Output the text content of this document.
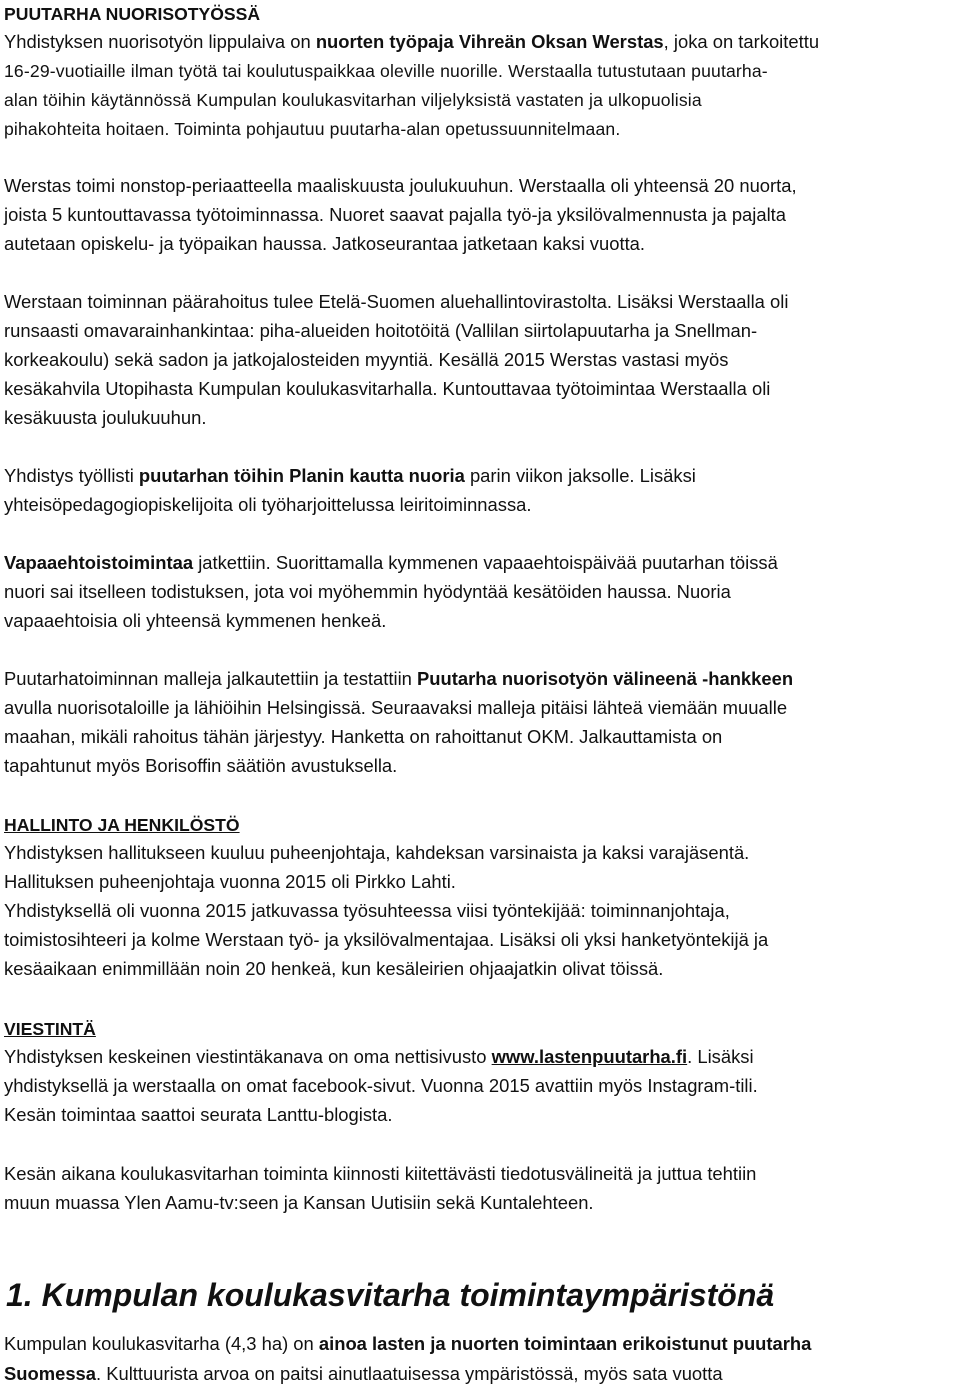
PUUTARHA NUORISOTYÖSSÄ
Yhdistyksen nuorisotyön lippulaiva on nuorten työpaja Vihreän Oksan Werstas, joka on tarkoitettu
16-29-vuotiaille ilman työtä tai koulutuspaikkaa oleville nuorille. Werstaalla tutustutaan puutarha-
alan töihin käytännössä Kumpulan koulukasvitarhan viljelyksistä vastaten ja ulkopuolisia
pihakohteita hoitaen. Toiminta pohjautuu puutarha-alan opetussuunnitelmaan.
Werstas toimi nonstop-periaatteella maaliskuusta joulukuuhun. Werstaalla oli yhteensä 20 nuorta,
joista 5 kuntouttavassa työtoiminnassa. Nuoret saavat pajalla työ-ja yksilövalmennusta ja pajalta
autetaan opiskelu- ja työpaikan haussa. Jatkoseurantaa jatketaan kaksi vuotta.
Werstaan toiminnan päärahoitus tulee Etelä-Suomen aluehallintovirastolta. Lisäksi Werstaalla oli
runsaasti omavarainhankintaa: piha-alueiden hoitotöitä (Vallilan siirtolapuutarha ja Snellman-
korkeakoulu) sekä sadon ja jatkojalosteiden myyntiä. Kesällä 2015 Werstas vastasi myös
kesäkahvila Utopihasta Kumpulan koulukasvitarhalla. Kuntouttavaa työtoimintaa Werstaalla oli
kesäkuusta joulukuuhun.
Yhdistys työllisti puutarhan töihin Planin kautta nuoria parin viikon jaksolle. Lisäksi
yhteisöpedagogiopiskelijoita oli työharjoittelussa leiritoiminnassa.
Vapaaehtoistoimintaa jatkettiin. Suorittamalla kymmenen vapaaehtoispäivää puutarhan töissä
nuori sai itselleen todistuksen, jota voi myöhemmin hyödyntää kesätöiden haussa. Nuoria
vapaaehtoisia oli yhteensä kymmenen henkeä.
Puutarhatoiminnan malleja jalkautettiin ja testattiin Puutarha nuorisotyön välineenä -hankkeen
avulla nuorisotaloille ja lähiöihin Helsingissä. Seuraavaksi malleja pitäisi lähteä viemään muualle
maahan, mikäli rahoitus tähän järjestyy. Hanketta on rahoittanut OKM. Jalkauttamista on
tapahtunut myös Borisoffin säätiön avustuksella.
HALLINTO JA HENKILÖSTÖ
Yhdistyksen hallitukseen kuuluu puheenjohtaja, kahdeksan varsinaista ja kaksi varajäsentä.
Hallituksen puheenjohtaja vuonna 2015 oli Pirkko Lahti.
Yhdistyksellä oli vuonna 2015 jatkuvassa työsuhteessa viisi työntekijää: toiminnanjohtaja,
toimistosihteeri ja kolme Werstaan työ- ja yksilövalmentajaa. Lisäksi oli yksi hanketyöntekijä ja
kesäaikaan enimmillään noin 20 henkeä, kun kesäleirien ohjaajatkin olivat töissä.
VIESTINTÄ
Yhdistyksen keskeinen viestintäkanava on oma nettisivusto www.lastenpuutarha.fi. Lisäksi
yhdistyksellä ja werstaalla on omat facebook-sivut. Vuonna 2015 avattiin myös Instagram-tili.
Kesän toimintaa saattoi seurata Lanttu-blogista.
Kesän aikana koulukasvitarhan toiminta kiinnosti kiitettävästi tiedotusvälineitä ja juttua tehtiin
muun muassa Ylen Aamu-tv:seen ja Kansan Uutisiin sekä Kuntalehteen.
1. Kumpulan koulukasvitarha toimintaympäristönä
Kumpulan koulukasvitarha (4,3 ha) on ainoa lasten ja nuorten toimintaan erikoistunut puutarha
Suomessa. Kulttuurista arvoa on paitsi ainutlaatuisessa ympäristössä, myös sata vuotta
